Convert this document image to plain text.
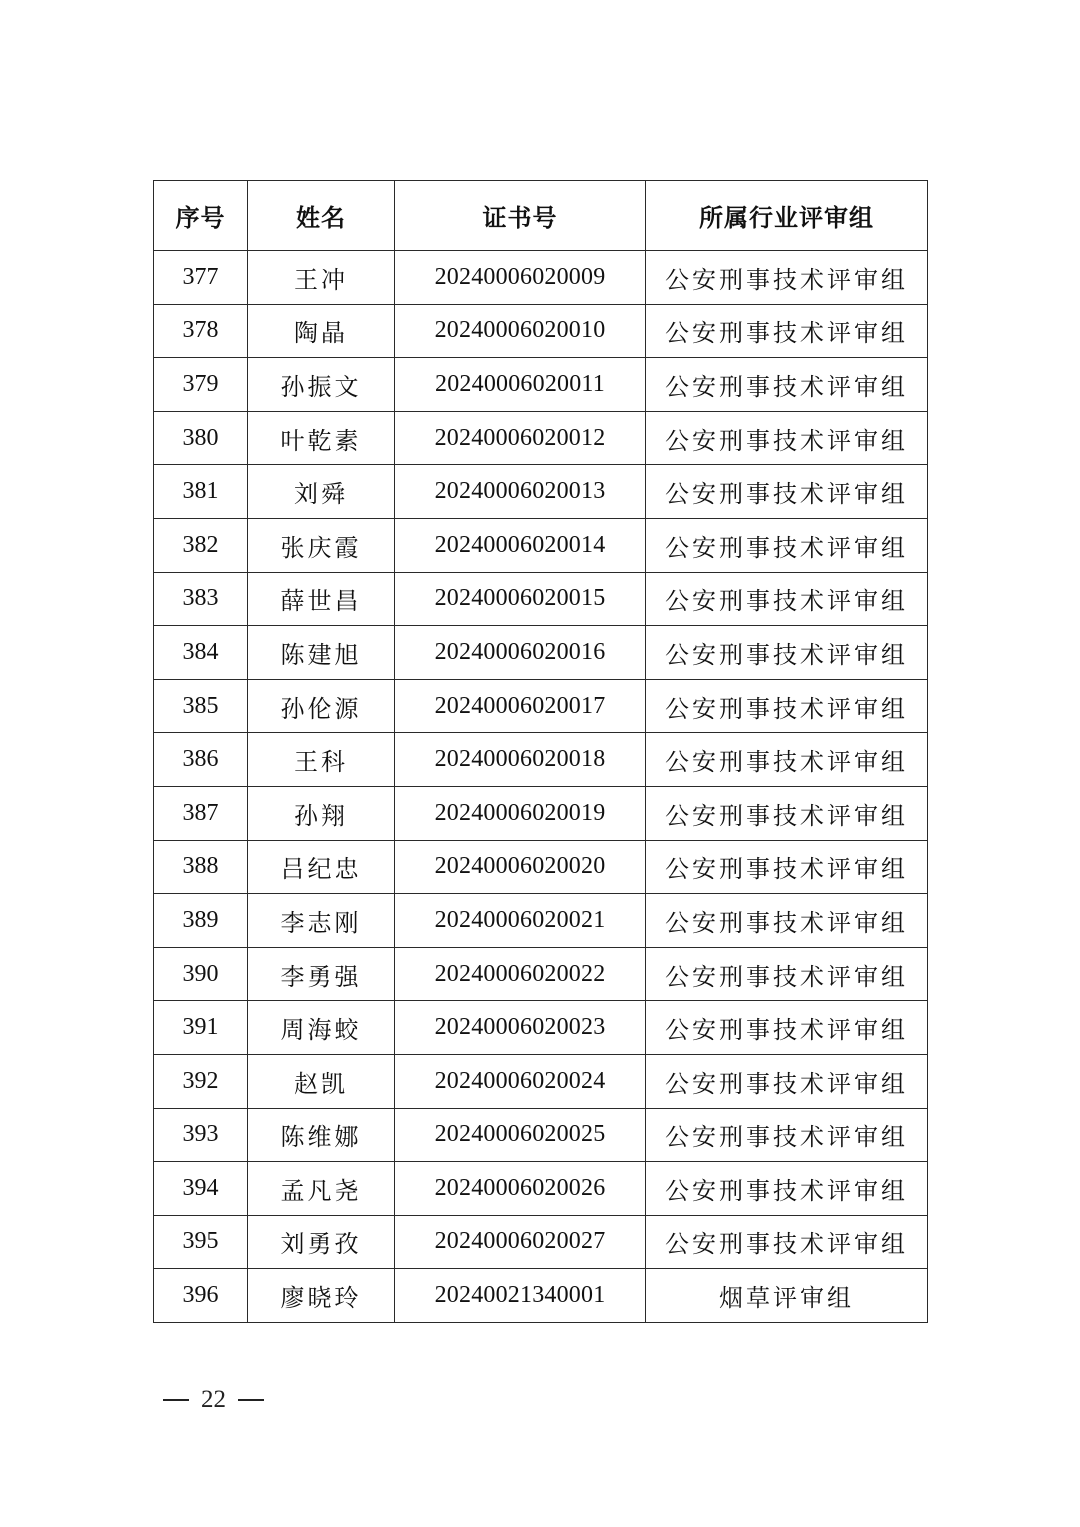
序号	姓名	证书号	所属行业评审组
377	王冲	20240006020009	公安刑事技术评审组
378	陶晶	20240006020010	公安刑事技术评审组
379	孙振文	20240006020011	公安刑事技术评审组
380	叶乾素	20240006020012	公安刑事技术评审组
381	刘舜	20240006020013	公安刑事技术评审组
382	张庆霞	20240006020014	公安刑事技术评审组
383	薛世昌	20240006020015	公安刑事技术评审组
384	陈建旭	20240006020016	公安刑事技术评审组
385	孙伦源	20240006020017	公安刑事技术评审组
386	王科	20240006020018	公安刑事技术评审组
387	孙翔	20240006020019	公安刑事技术评审组
388	吕纪忠	20240006020020	公安刑事技术评审组
389	李志刚	20240006020021	公安刑事技术评审组
390	李勇强	20240006020022	公安刑事技术评审组
391	周海蛟	20240006020023	公安刑事技术评审组
392	赵凯	20240006020024	公安刑事技术评审组
393	陈维娜	20240006020025	公安刑事技术评审组
394	孟凡尧	20240006020026	公安刑事技术评审组
395	刘勇孜	20240006020027	公安刑事技术评审组
396	廖晓玲	20240021340001	烟草评审组
22
